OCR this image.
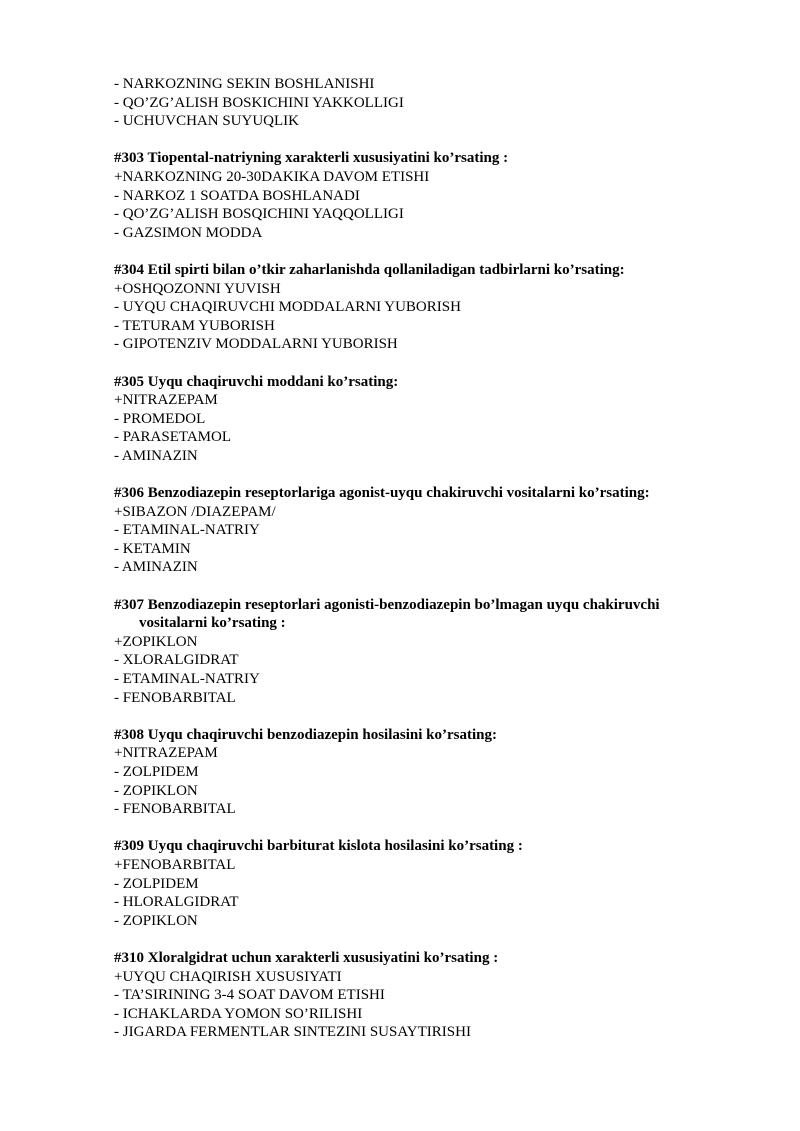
- NARKOZNING SEKIN BOSHLANISHI
- QO’ZG’ALISH BOSKICHINI YAKKOLLIGI
- UCHUVCHAN SUYUQLIK
#303 Tiopental-natriyning xarakterli xususiyatini ko’rsating :
+NARKOZNING 20-30DAKIKA DAVOM ETISHI
- NARKOZ 1 SOATDA BOSHLANADI
- QO’ZG’ALISH BOSQICHINI YAQQOLLIGI
- GAZSIMON MODDA
#304 Etil spirti bilan o’tkir zaharlanishda qollaniladigan tadbirlarni ko’rsating:
+OSHQOZONNI YUVISH
- UYQU CHAQIRUVCHI MODDALARNI YUBORISH
- TETURAM YUBORISH
- GIPOTENZIV MODDALARNI YUBORISH
#305 Uyqu chaqiruvchi moddani ko’rsating:
+NITRAZEPAM
- PROMEDOL
- PARASETAMOL
- AMINAZIN
#306 Benzodiazepin reseptorlariga agonist-uyqu chakiruvchi vositalarni ko’rsating:
+SIBAZON /DIAZEPAM/
- ETAMINAL-NATRIY
- KETAMIN
- AMINAZIN
#307 Benzodiazepin reseptorlari agonisti-benzodiazepin bo’lmagan uyqu chakiruvchi
vositalarni ko’rsating :
+ZOPIKLON
- XLORALGIDRAT
- ETAMINAL-NATRIY
- FENOBARBITAL
#308 Uyqu chaqiruvchi benzodiazepin hosilasini ko’rsating:
+NITRAZEPAM
- ZOLPIDEM
- ZOPIKLON
- FENOBARBITAL
#309 Uyqu chaqiruvchi barbiturat kislota hosilasini ko’rsating :
+FENOBARBITAL
- ZOLPIDEM
- HLORALGIDRAT
- ZOPIKLON
#310 Xloralgidrat uchun xarakterli xususiyatini ko’rsating :
+UYQU CHAQIRISH XUSUSIYATI
- TA’SIRINING 3-4 SOAT DAVOM ETISHI
- ICHAKLARDA YOMON SO’RILISHI
- JIGARDA FERMENTLAR SINTEZINI SUSAYTIRISHI
